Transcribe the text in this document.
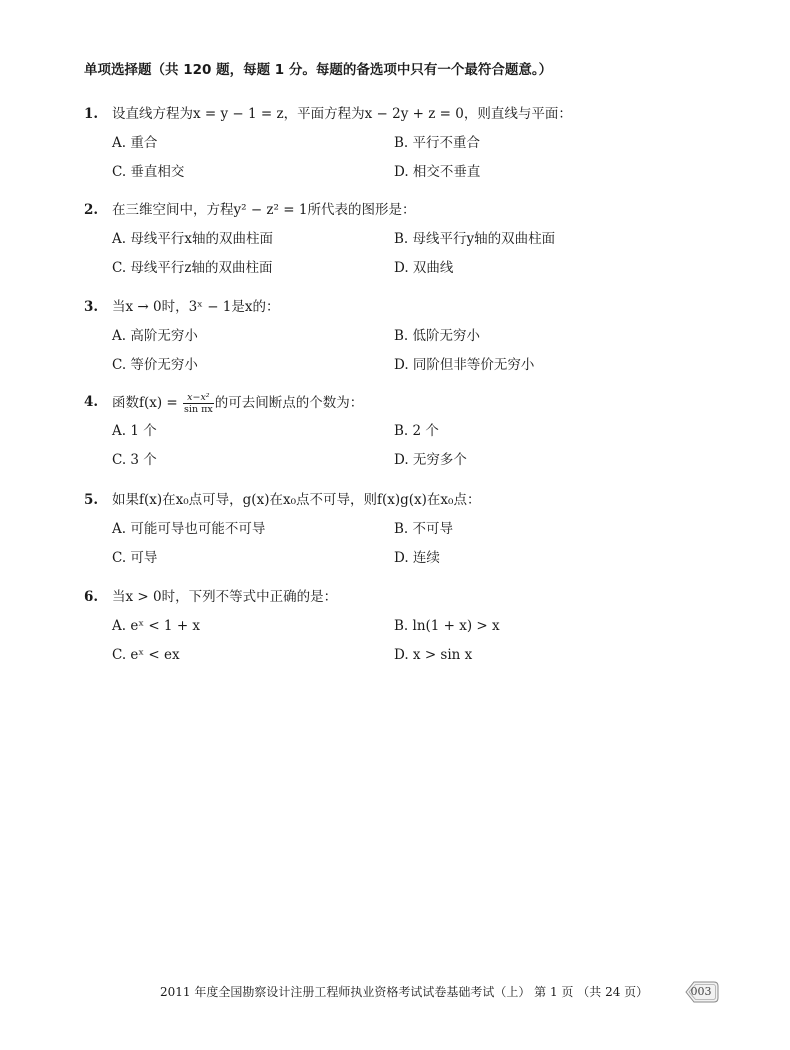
单项选择题（共 120 题，每题 1 分。每题的备选项中只有一个最符合题意。）
1. 设直线方程为x = y − 1 = z，平面方程为x − 2y + z = 0，则直线与平面：
A. 重合	B. 平行不重合
C. 垂直相交	D. 相交不垂直
2. 在三维空间中，方程y² − z² = 1所代表的图形是：
A. 母线平行x轴的双曲柱面	B. 母线平行y轴的双曲柱面
C. 母线平行z轴的双曲柱面	D. 双曲线
3. 当x → 0时，3ˣ − 1是x的：
A. 高阶无穷小	B. 低阶无穷小
C. 等价无穷小	D. 同阶但非等价无穷小
4. 函数$f(x) = \frac{\text{x−x²}}{\text{sin πx}}$ 的可去间断点的个数为：
A. 1 个	B. 2 个
C. 3 个	D. 无穷多个
5. 如果f(x)在x₀点可导，g(x)在x₀点不可导，则f(x)g(x)在x₀点：
A. 可能可导也可能不可导	B. 不可导
C. 可导	D. 连续
6. 当x > 0时，下列不等式中正确的是：
A. eˣ < 1 + x	B. ln(1 + x) > x
C. eˣ < ex	D. x > sin x
2011 年度全国勘察设计注册工程师执业资格考试试卷基础考试（上） 第 1 页 （共 24 页）	003
